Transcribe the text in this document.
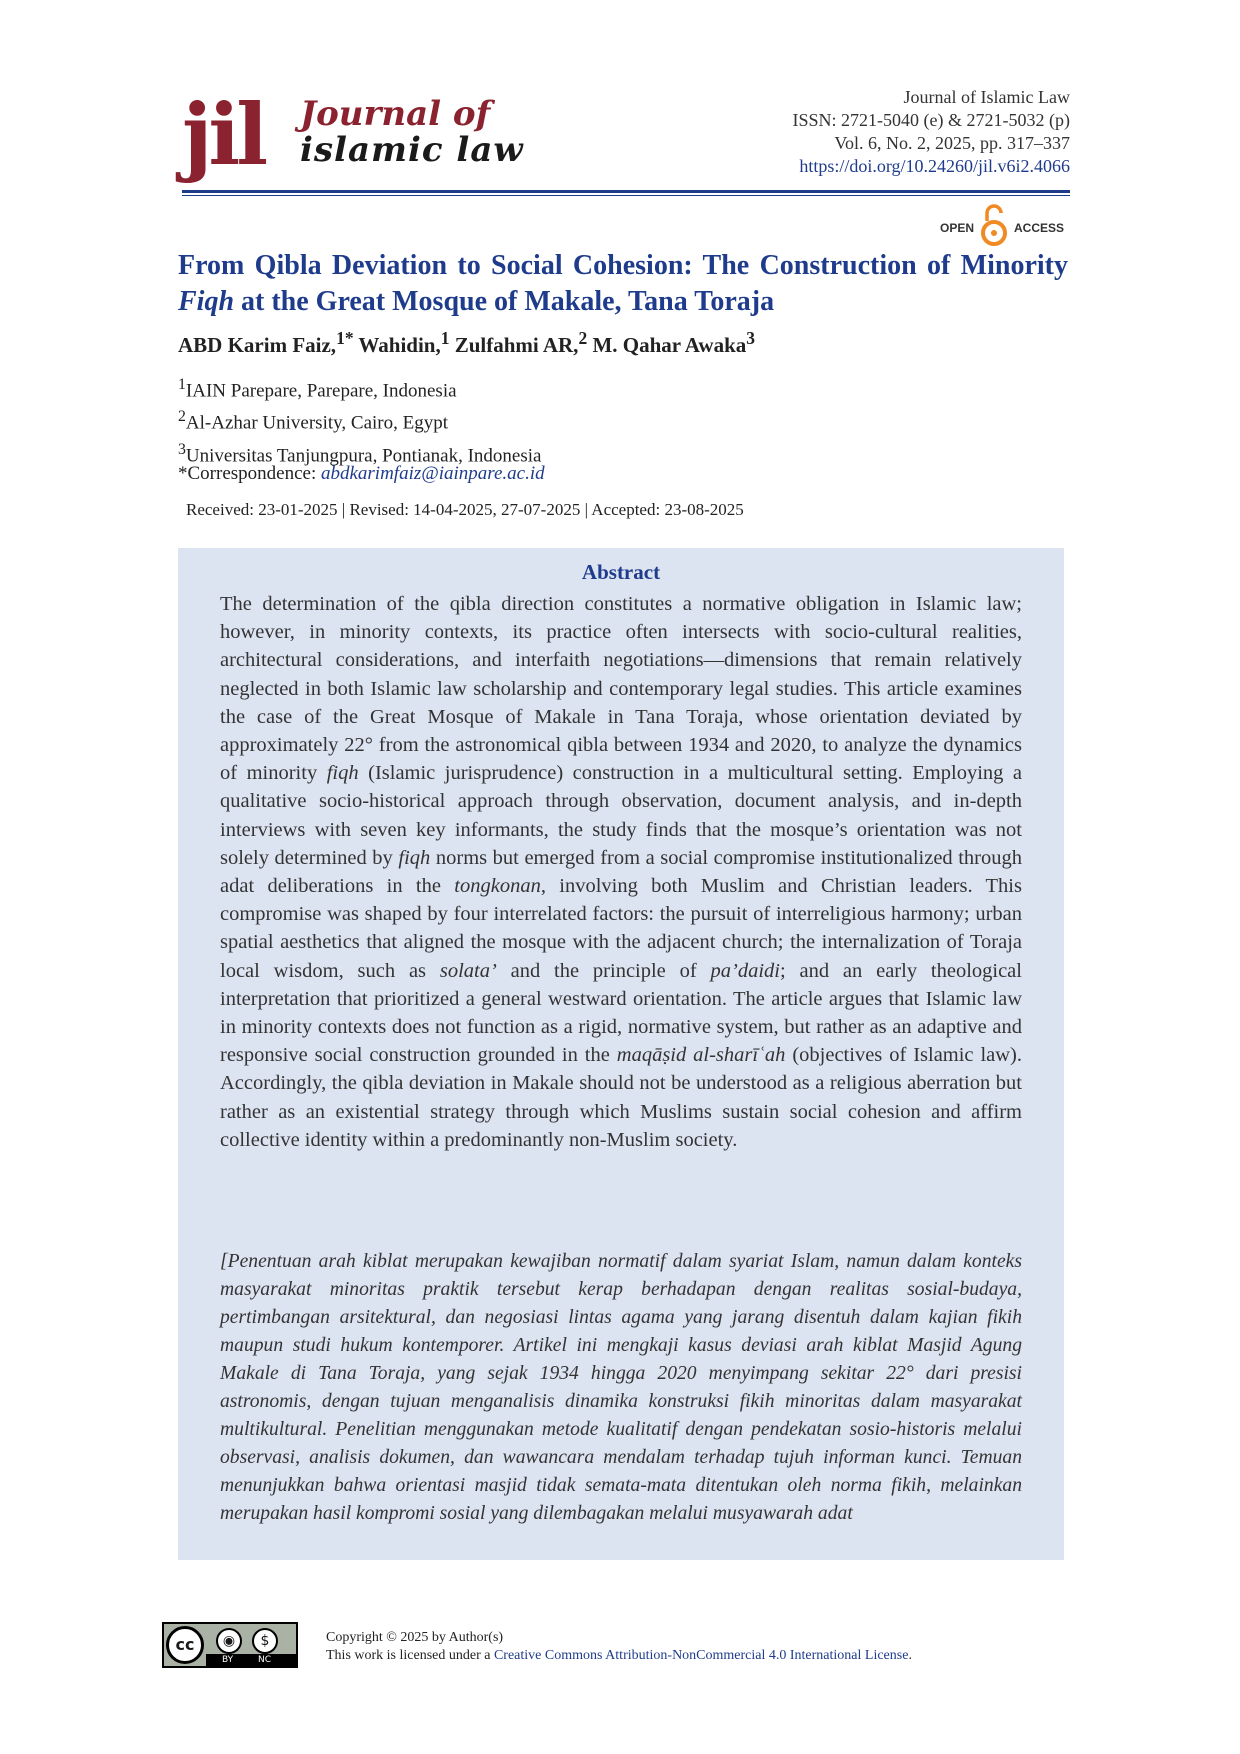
jil Journal of
islamic law
Journal of Islamic Law
ISSN: 2721-5040 (e) & 2721-5032 (p)
Vol. 6, No. 2, 2025, pp. 317–337
https://doi.org/10.24260/jil.v6i2.4066
OPEN	ACCESS
From Qibla Deviation to Social Cohesion: The Construction of Minority Fiqh at the Great Mosque of Makale, Tana Toraja
ABD Karim Faiz,$^{1*}$ Wahidin,$^1$ Zulfahmi AR,$^2$ M. Qahar Awaka$^3$
$^1$IAIN Parepare, Parepare, Indonesia
$^2$Al-Azhar University, Cairo, Egypt
$^3$Universitas Tanjungpura, Pontianak, Indonesia
*Correspondence: abdkarimfaiz@iainpare.ac.id
Received: 23-01-2025 | Revised: 14-04-2025, 27-07-2025 | Accepted: 23-08-2025
Abstract

The determination of the qibla direction constitutes a normative obligation in Islamic law; however, in minority contexts, its practice often intersects with socio-cultural realities, architectural considerations, and interfaith negotiations—dimensions that remain relatively neglected in both Islamic law scholarship and contemporary legal studies. This article examines the case of the Great Mosque of Makale in Tana Toraja, whose orientation deviated by approximately 22° from the astronomical qibla between 1934 and 2020, to analyze the dynamics of minority fiqh (Islamic jurisprudence) construction in a multicultural setting. Employing a qualitative socio-historical approach through observation, document analysis, and in-depth interviews with seven key informants, the study finds that the mosque’s orientation was not solely determined by fiqh norms but emerged from a social compromise institutionalized through adat deliberations in the tongkonan, involving both Muslim and Christian leaders. This compromise was shaped by four interrelated factors: the pursuit of interreligious harmony; urban spatial aesthetics that aligned the mosque with the adjacent church; the internalization of Toraja local wisdom, such as solata’ and the principle of pa’daidi; and an early theological interpretation that prioritized a general westward orientation. The article argues that Islamic law in minority contexts does not function as a rigid, normative system, but rather as an adaptive and responsive social construction grounded in the maqāṣid al-sharīʿah (objectives of Islamic law). Accordingly, the qibla deviation in Makale should not be understood as a religious aberration but rather as an existential strategy through which Muslims sustain social cohesion and affirm collective identity within a predominantly non-Muslim society.

[Penentuan arah kiblat merupakan kewajiban normatif dalam syariat Islam, namun dalam konteks masyarakat minoritas praktik tersebut kerap berhadapan dengan realitas sosial-budaya, pertimbangan arsitektural, dan negosiasi lintas agama yang jarang disentuh dalam kajian fikih maupun studi hukum kontemporer. Artikel ini mengkaji kasus deviasi arah kiblat Masjid Agung Makale di Tana Toraja, yang sejak 1934 hingga 2020 menyimpang sekitar 22° dari presisi astronomis, dengan tujuan menganalisis dinamika konstruksi fikih minoritas dalam masyarakat multikultural. Penelitian menggunakan metode kualitatif dengan pendekatan sosio-historis melalui observasi, analisis dokumen, dan wawancara mendalam terhadap tujuh informan kunci. Temuan menunjukkan bahwa orientasi masjid tidak semata-mata ditentukan oleh norma fikih, melainkan merupakan hasil kompromi sosial yang dilembagakan melalui musyawarah adat

cc	◉	$
BY	NC
Copyright © 2025 by Author(s)
This work is licensed under a Creative Commons Attribution-NonCommercial 4.0 International License.
